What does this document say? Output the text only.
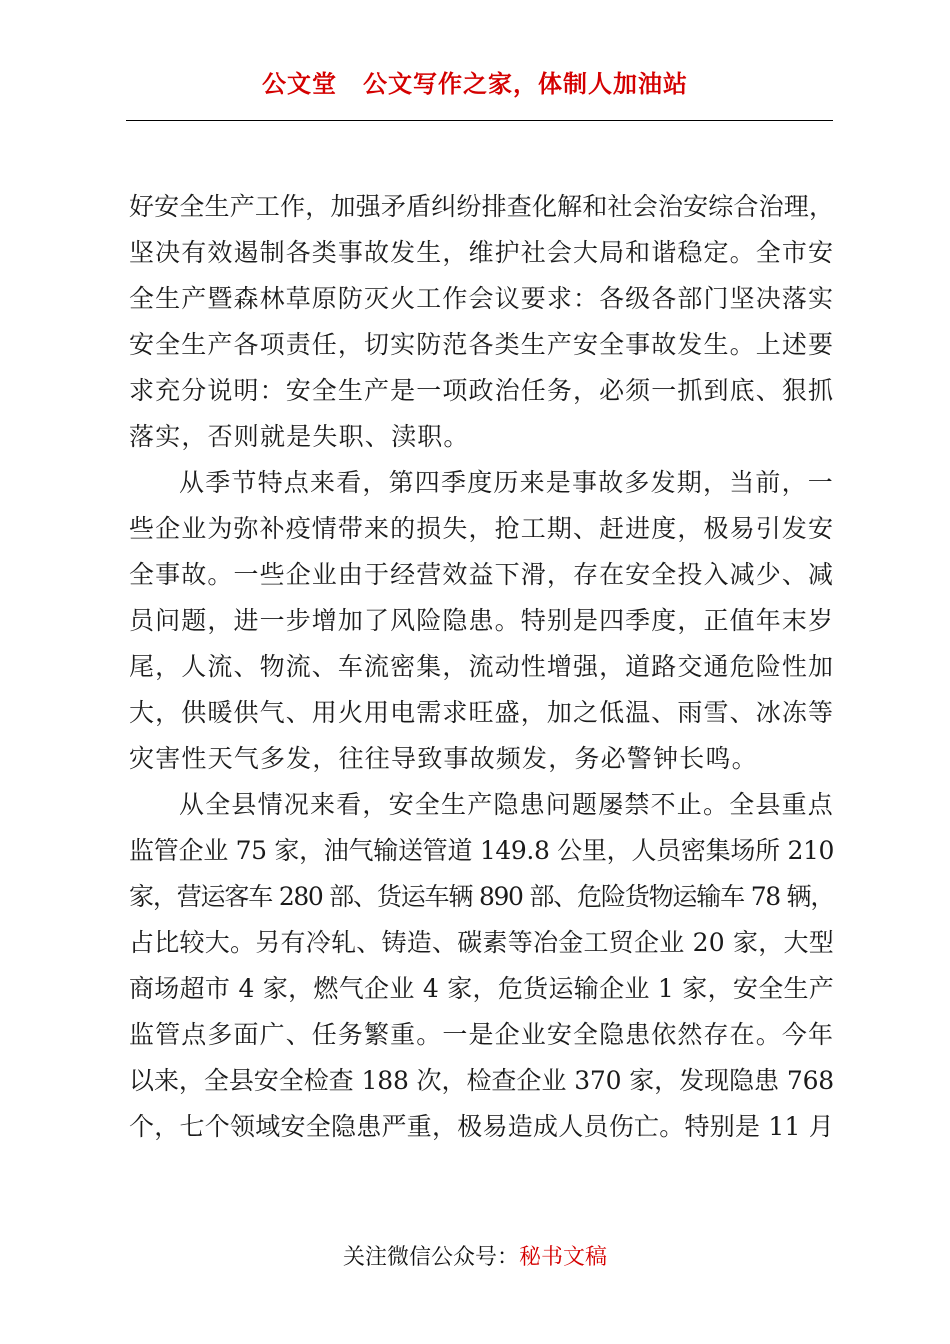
公文堂 公文写作之家，体制人加油站
好安全生产工作，加强矛盾纠纷排查化解和社会治安综合治理，
坚决有效遏制各类事故发生，维护社会大局和谐稳定。全市安
全生产暨森林草原防灭火工作会议要求：各级各部门坚决落实
安全生产各项责任，切实防范各类生产安全事故发生。上述要
求充分说明：安全生产是一项政治任务，必须一抓到底、狠抓
落实，否则就是失职、渎职。
从季节特点来看，第四季度历来是事故多发期，当前，一
些企业为弥补疫情带来的损失，抢工期、赶进度，极易引发安
全事故。一些企业由于经营效益下滑，存在安全投入减少、减
员问题，进一步增加了风险隐患。特别是四季度，正值年末岁
尾，人流、物流、车流密集，流动性增强，道路交通危险性加
大，供暖供气、用火用电需求旺盛，加之低温、雨雪、冰冻等
灾害性天气多发，往往导致事故频发，务必警钟长鸣。
从全县情况来看，安全生产隐患问题屡禁不止。全县重点
监管企业 75 家，油气输送管道 149.8 公里，人员密集场所 210
家，营运客车 280 部、货运车辆 890 部、危险货物运输车 78 辆，
占比较大。另有冷轧、铸造、碳素等冶金工贸企业 20 家，大型
商场超市 4 家，燃气企业 4 家，危货运输企业 1 家，安全生产
监管点多面广、任务繁重。一是企业安全隐患依然存在。今年
以来，全县安全检查 188 次，检查企业 370 家，发现隐患 768
个，七个领域安全隐患严重，极易造成人员伤亡。特别是 11 月
关注微信公众号：秘书文稿
